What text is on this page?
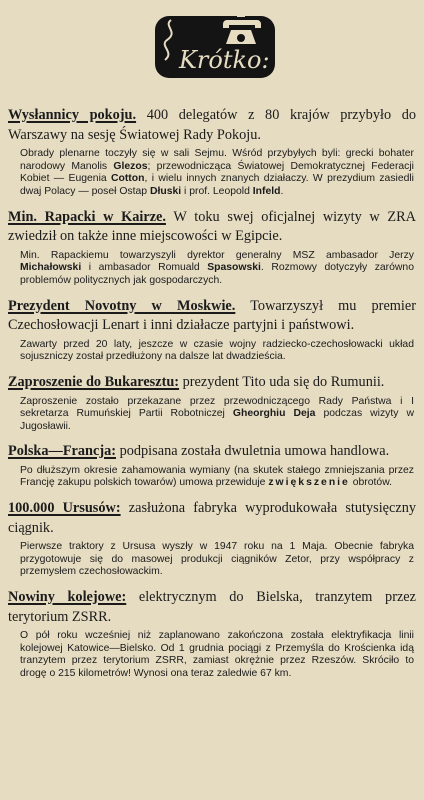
Krótko:

Wysłannicy pokoju. 400 delegatów z 80 krajów przybyło do Warszawy na sesję Światowej Rady Pokoju.

Obrady plenarne toczyły się w sali Sejmu. Wśród przybyłych byli: grecki bohater narodowy Manolis Glezos; przewodnicząca Światowej Demokratycznej Federacji Kobiet — Eugenia Cotton, i wielu innych znanych działaczy. W prezydium zasiedli dwaj Polacy — poseł Ostap Dłuski i prof. Leopold Infeld.

Min. Rapacki w Kairze. W toku swej oficjalnej wizyty w ZRA zwiedził on także inne miejscowości w Egipcie.

Min. Rapackiemu towarzyszyli dyrektor generalny MSZ ambasador Jerzy Michałowski i ambasador Romuald Spasowski. Rozmowy dotyczyły zarówno problemów politycznych jak gospodarczych.

Prezydent Novotny w Moskwie. Towarzyszył mu premier Czechosłowacji Lenart i inni działacze partyjni i państwowi.

Zawarty przed 20 laty, jeszcze w czasie wojny radziecko-czechosłowacki układ sojuszniczy został przedłużony na dalsze lat dwadzieścia.

Zaproszenie do Bukaresztu: prezydent Tito uda się do Rumunii.

Zaproszenie zostało przekazane przez przewodniczącego Rady Państwa i I sekretarza Rumuńskiej Partii Robotniczej Gheorghiu Deja podczas wizyty w Jugosławii.

Polska—Francja: podpisana została dwuletnia umowa handlowa.

Po dłuższym okresie zahamowania wymiany (na skutek stałego zmniejszania przez Francję zakupu polskich towarów) umowa przewiduje zwiększenie obrotów.

100.000 Ursusów: zasłużona fabryka wyprodukowała stutysięczny ciągnik.

Pierwsze traktory z Ursusa wyszły w 1947 roku na 1 Maja. Obecnie fabryka przygotowuje się do masowej produkcji ciągników Zetor, przy współpracy z przemysłem czechosłowackim.

Nowiny kolejowe: elektrycznym do Bielska, tranzytem przez terytorium ZSRR.

O pół roku wcześniej niż zaplanowano zakończona została elektryfikacja linii kolejowej Katowice—Bielsko. Od 1 grudnia pociągi z Przemyśla do Krościenka idą tranzytem przez terytorium ZSRR, zamiast okrężnie przez Rzeszów. Skróciło to drogę o 215 kilometrów! Wynosi ona teraz zaledwie 67 km.
